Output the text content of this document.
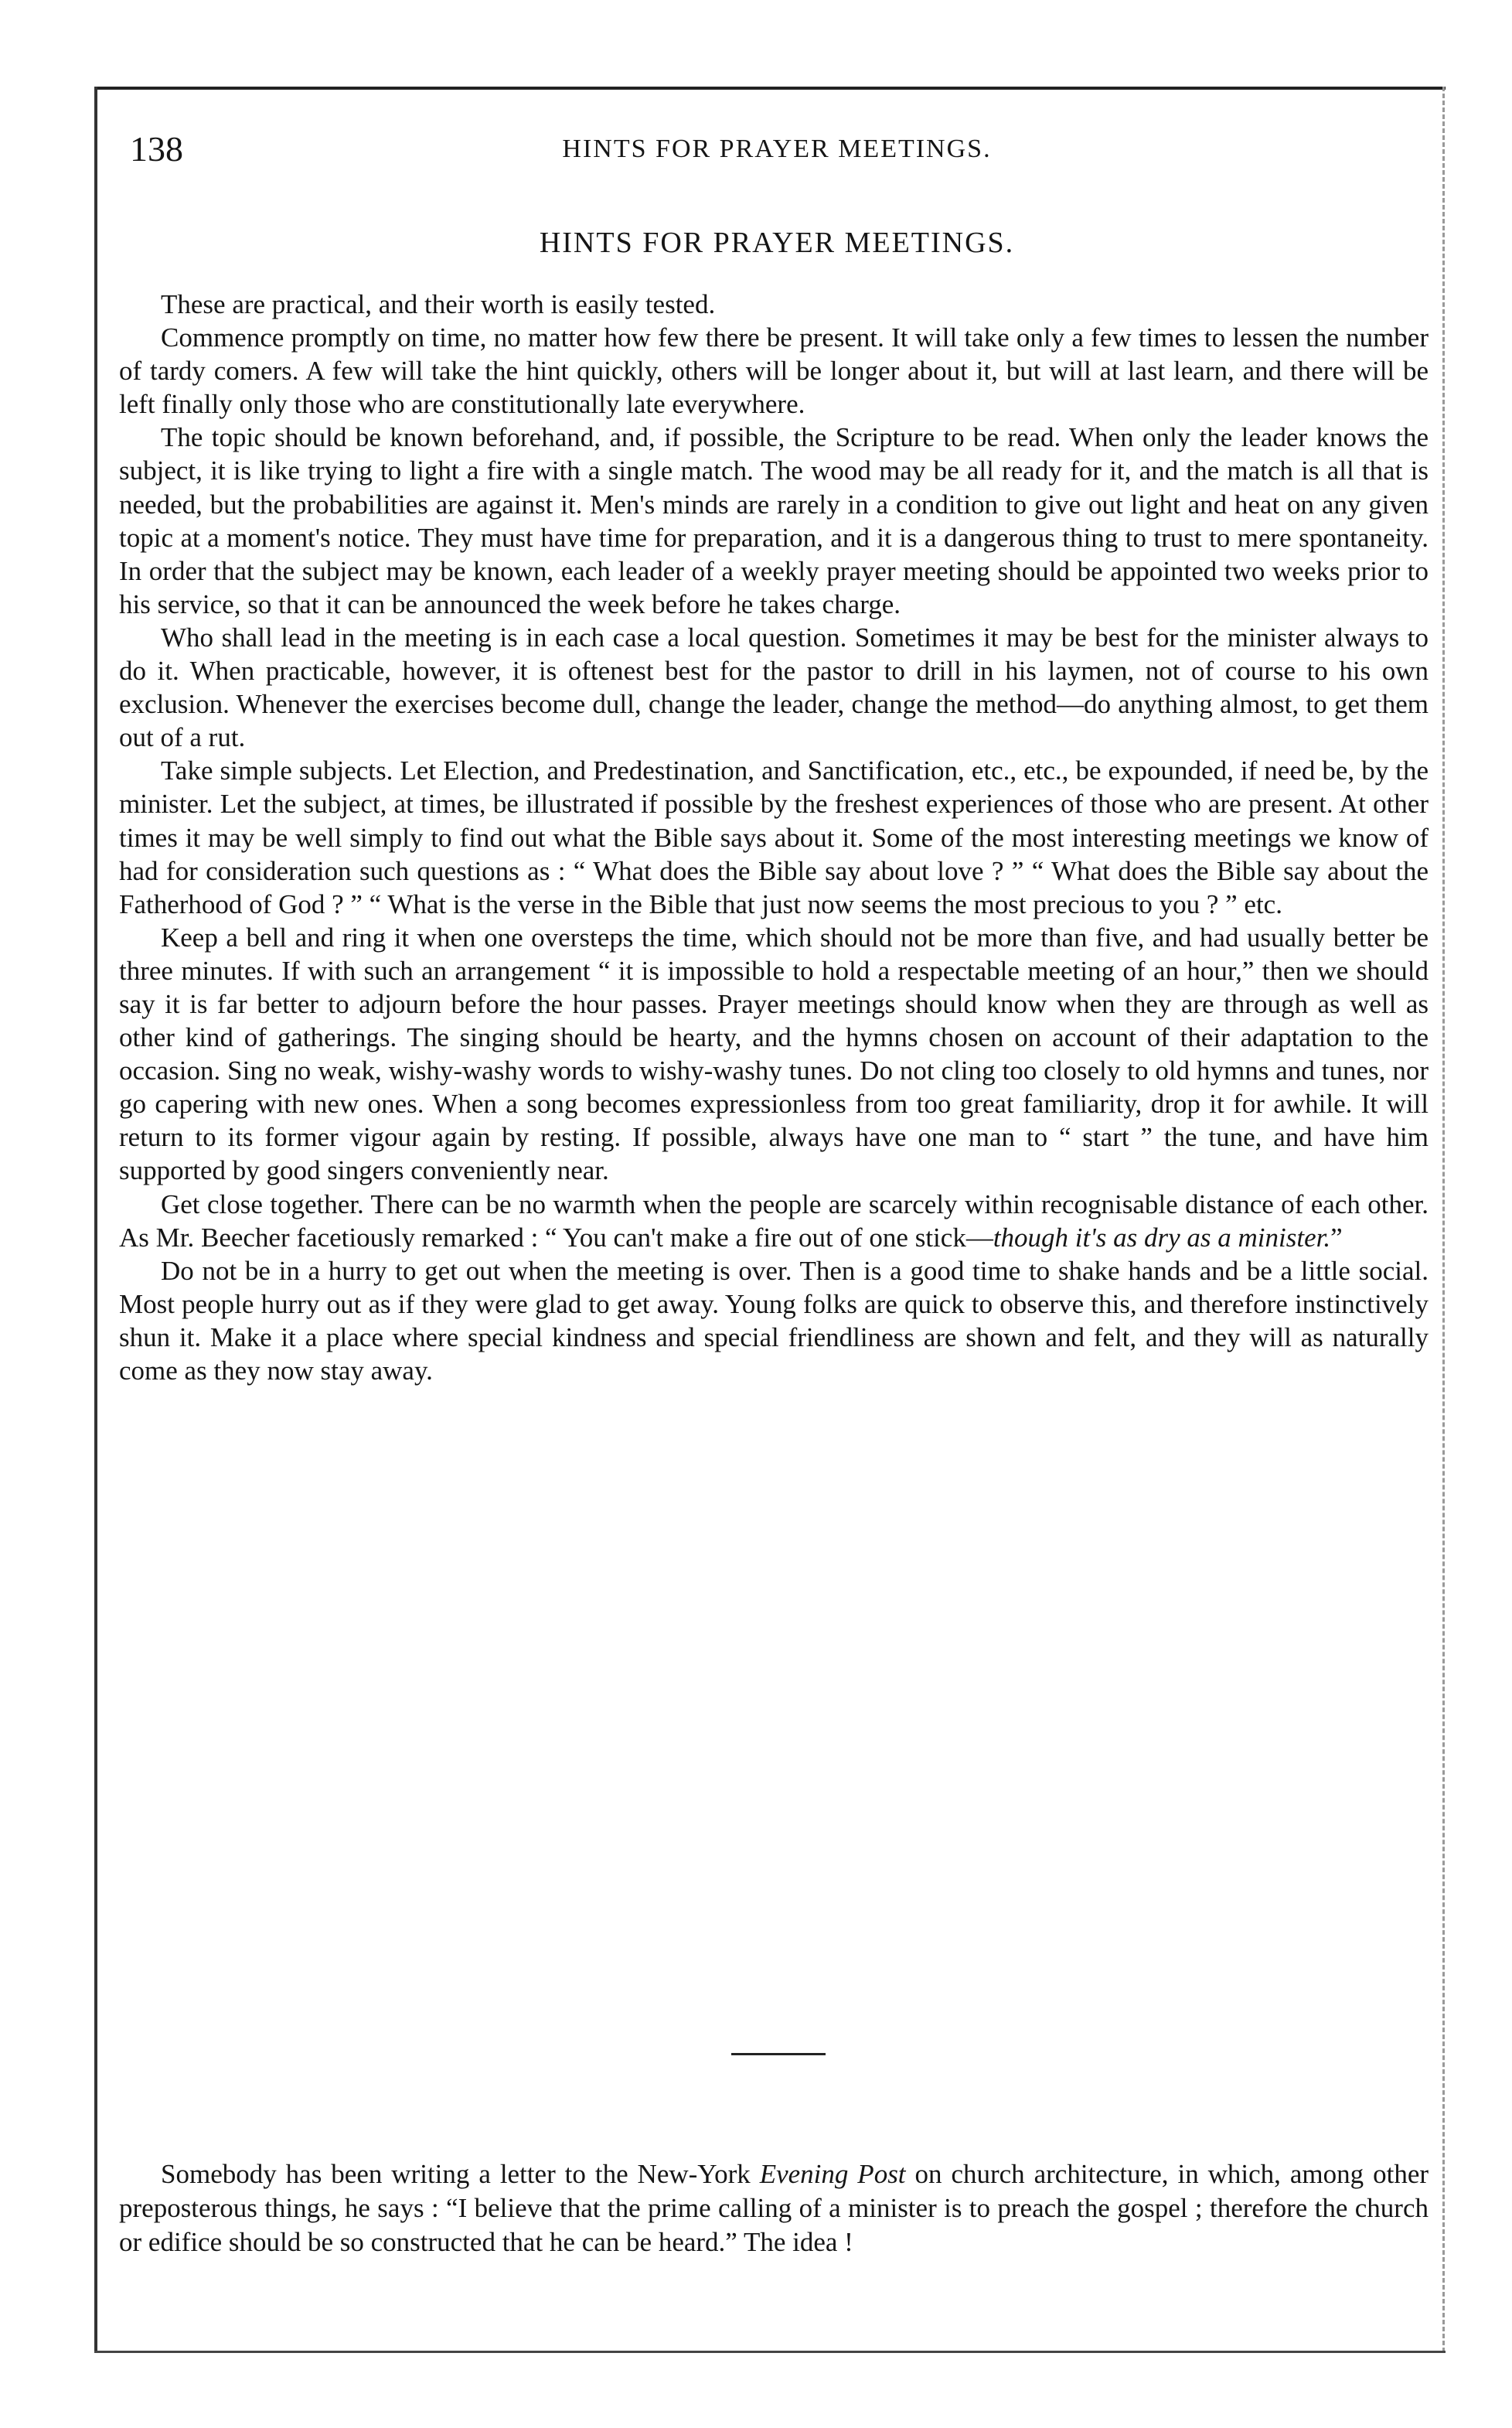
138	HINTS FOR PRAYER MEETINGS.
HINTS FOR PRAYER MEETINGS.

These are practical, and their worth is easily tested.

Commence promptly on time, no matter how few there be present. It will take only a few times to lessen the number of tardy comers. A few will take the hint quickly, others will be longer about it, but will at last learn, and there will be left finally only those who are constitutionally late everywhere.

The topic should be known beforehand, and, if possible, the Scripture to be read. When only the leader knows the subject, it is like trying to light a fire with a single match. The wood may be all ready for it, and the match is all that is needed, but the probabilities are against it. Men's minds are rarely in a condition to give out light and heat on any given topic at a moment's notice. They must have time for preparation, and it is a dangerous thing to trust to mere spontaneity. In order that the subject may be known, each leader of a weekly prayer meeting should be appointed two weeks prior to his service, so that it can be announced the week before he takes charge.

Who shall lead in the meeting is in each case a local question. Sometimes it may be best for the minister always to do it. When practicable, however, it is oftenest best for the pastor to drill in his laymen, not of course to his own exclusion. Whenever the exercises become dull, change the leader, change the method—do anything almost, to get them out of a rut.

Take simple subjects. Let Election, and Predestination, and Sanctification, etc., etc., be expounded, if need be, by the minister. Let the subject, at times, be illustrated if possible by the freshest experiences of those who are present. At other times it may be well simply to find out what the Bible says about it. Some of the most interesting meetings we know of had for consideration such questions as : “ What does the Bible say about love ? ” “ What does the Bible say about the Fatherhood of God ? ” “ What is the verse in the Bible that just now seems the most precious to you ? ” etc.

Keep a bell and ring it when one oversteps the time, which should not be more than five, and had usually better be three minutes. If with such an arrangement “ it is impossible to hold a respectable meeting of an hour,” then we should say it is far better to adjourn before the hour passes. Prayer meetings should know when they are through as well as other kind of gatherings. The singing should be hearty, and the hymns chosen on account of their adaptation to the occasion. Sing no weak, wishy-washy words to wishy-washy tunes. Do not cling too closely to old hymns and tunes, nor go capering with new ones. When a song becomes expressionless from too great familiarity, drop it for awhile. It will return to its former vigour again by resting. If possible, always have one man to “ start ” the tune, and have him supported by good singers conveniently near.

Get close together. There can be no warmth when the people are scarcely within recognisable distance of each other. As Mr. Beecher facetiously remarked : “ You can't make a fire out of one stick—though it's as dry as a minister.”

Do not be in a hurry to get out when the meeting is over. Then is a good time to shake hands and be a little social. Most people hurry out as if they were glad to get away. Young folks are quick to observe this, and therefore instinctively shun it. Make it a place where special kindness and special friendliness are shown and felt, and they will as naturally come as they now stay away.

Somebody has been writing a letter to the New-York Evening Post on church architecture, in which, among other preposterous things, he says : “I believe that the prime calling of a minister is to preach the gospel ; therefore the church or edifice should be so constructed that he can be heard.” The idea !
